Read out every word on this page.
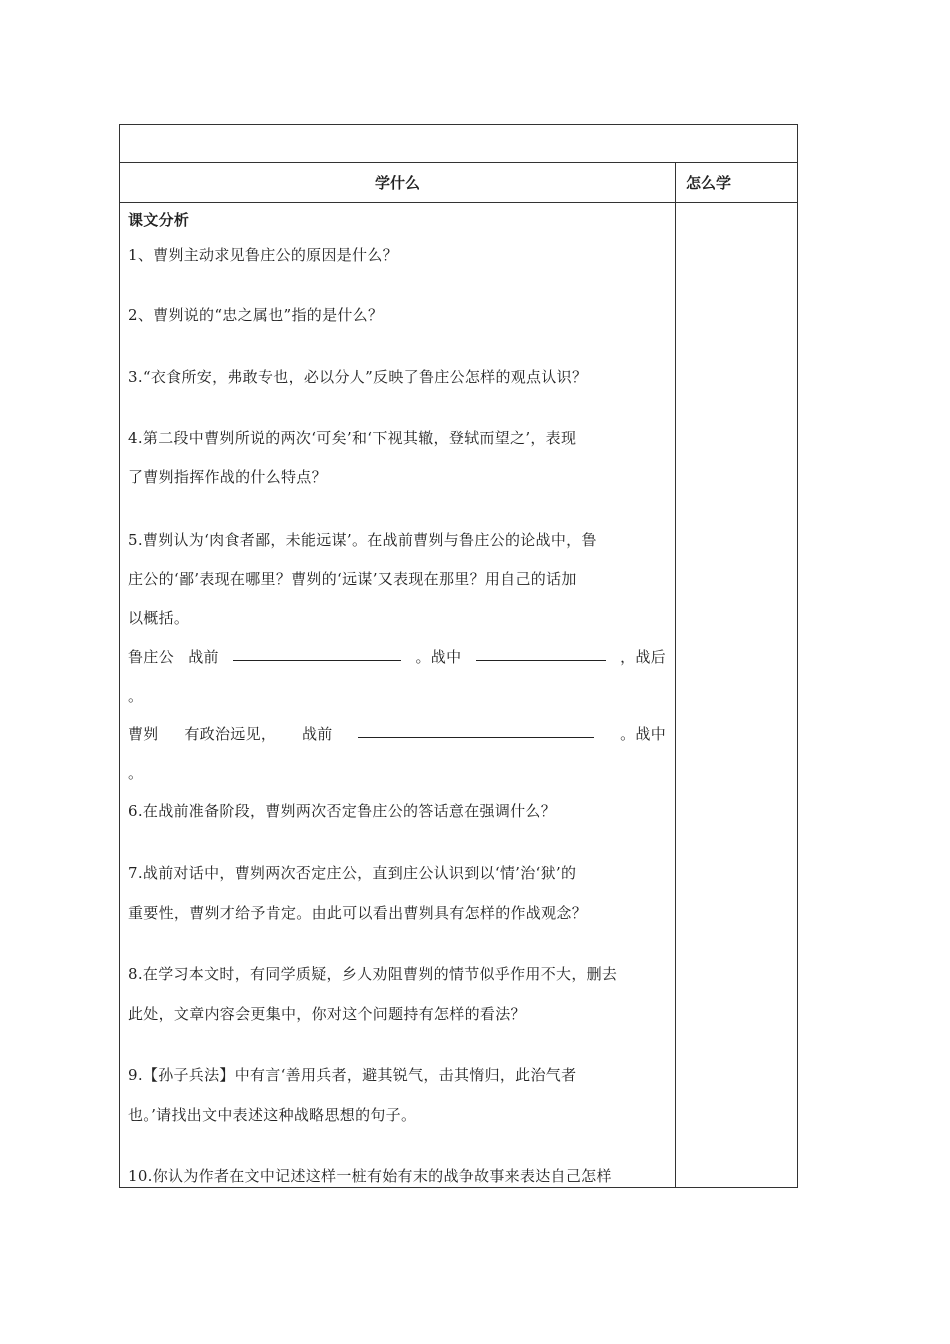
学什么	怎么学
课文分析
1、曹刿主动求见鲁庄公的原因是什么？
2、曹刿说的“忠之属也”指的是什么？
3.“衣食所安，弗敢专也，必以分人”反映了鲁庄公怎样的观点认识？
4.第二段中曹刿所说的两次‘可矣’和‘下视其辙，登轼而望之’，表现
了曹刿指挥作战的什么特点？
5.曹刿认为‘肉食者鄙，未能远谋’。在战前曹刿与鲁庄公的论战中，鲁
庄公的‘鄙’表现在哪里？曹刿的‘远谋’又表现在那里？用自己的话加
以概括。
鲁庄公 战前	。战中	，战后
。
曹刿 有政治远见， 战前	。战中
。
6.在战前准备阶段，曹刿两次否定鲁庄公的答话意在强调什么？
7.战前对话中，曹刿两次否定庄公，直到庄公认识到以‘情’治‘狱’的
重要性，曹刿才给予肯定。由此可以看出曹刿具有怎样的作战观念？
8.在学习本文时，有同学质疑，乡人劝阻曹刿的情节似乎作用不大，删去
此处，文章内容会更集中，你对这个问题持有怎样的看法？
9.【孙子兵法】中有言‘善用兵者，避其锐气，击其惰归，此治气者
也。’请找出文中表述这种战略思想的句子。
10.你认为作者在文中记述这样一桩有始有末的战争故事来表达自己怎样
